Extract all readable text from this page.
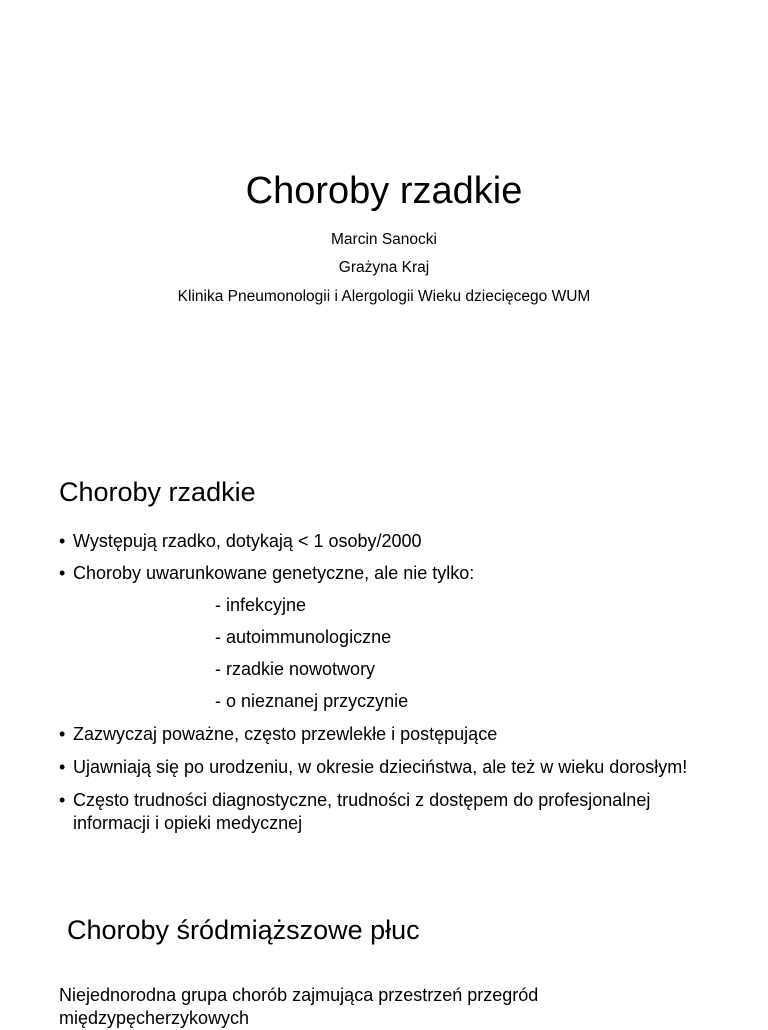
Choroby rzadkie
Marcin Sanocki
Grażyna Kraj
Klinika Pneumonologii i Alergologii Wieku dziecięcego WUM
Choroby rzadkie
• Występują rzadko, dotykają < 1 osoby/2000
• Choroby uwarunkowane genetyczne, ale nie tylko:
- infekcyjne
- autoimmunologiczne
- rzadkie nowotwory
- o nieznanej przyczynie
• Zazwyczaj poważne, często przewlekłe i postępujące
• Ujawniają się po urodzeniu, w okresie dzieciństwa, ale też w wieku dorosłym!
• Często trudności diagnostyczne, trudności z dostępem do profesjonalnej informacji i opieki medycznej
Choroby śródmiąższowe płuc
Niejednorodna grupa chorób zajmująca przestrzeń przegród międzypęcherzykowych
